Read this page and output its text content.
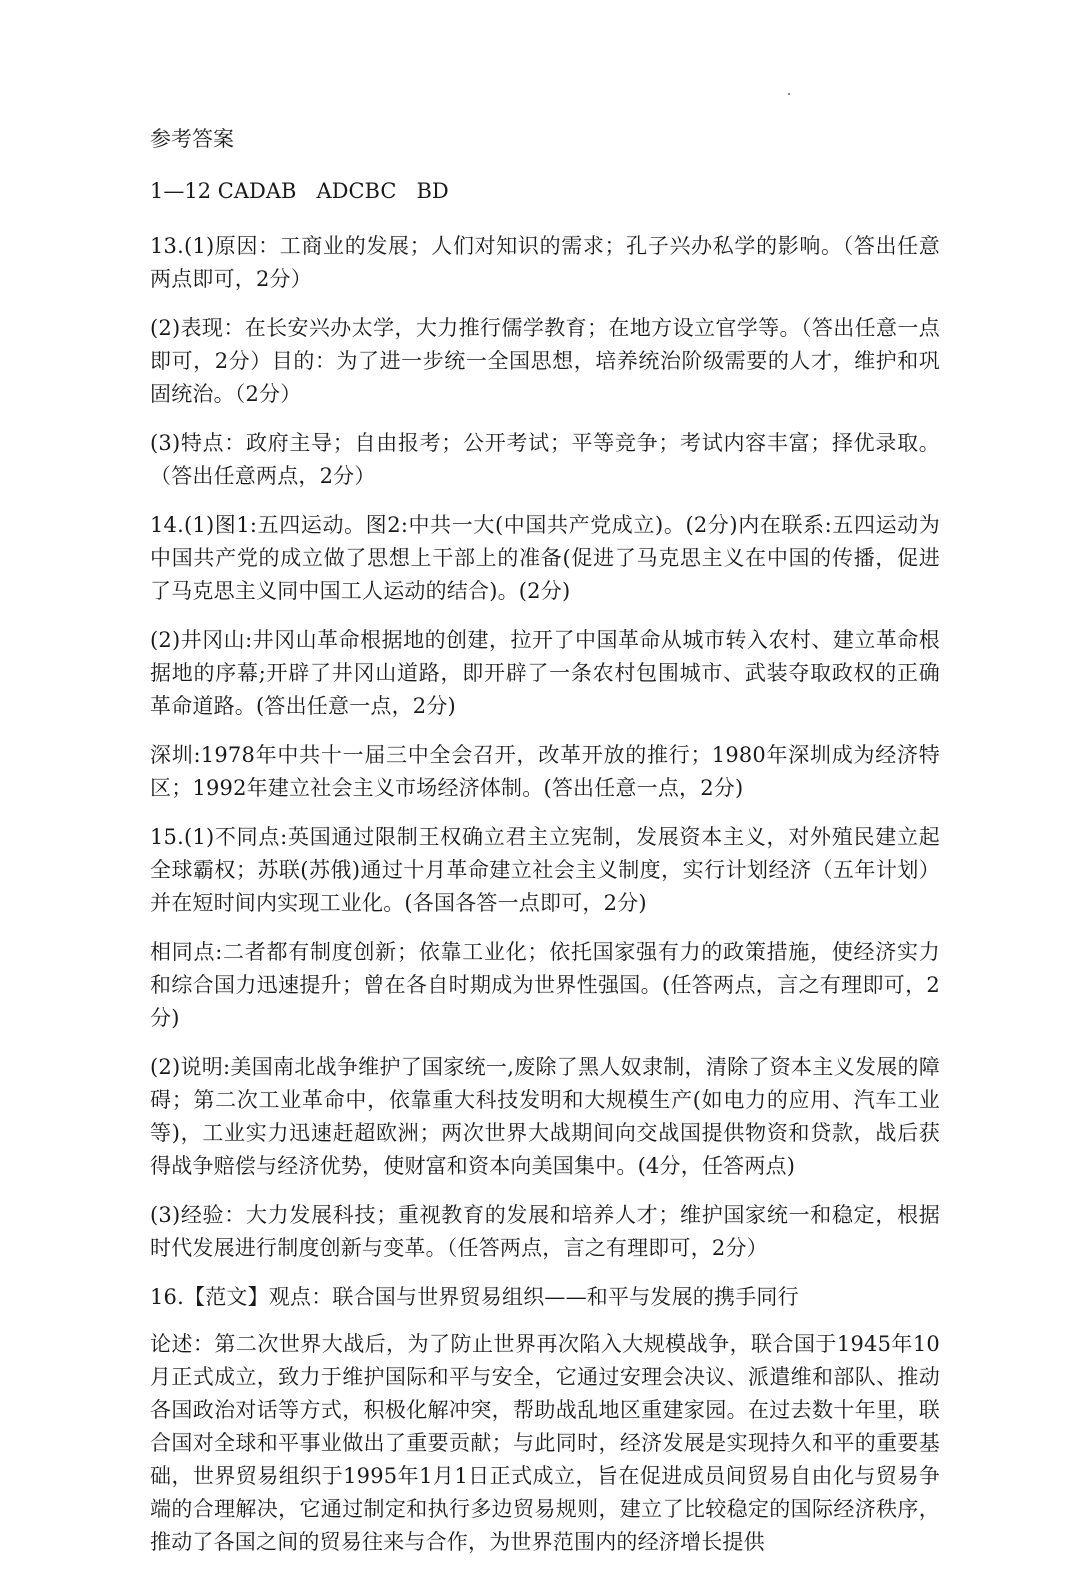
参考答案
1—12 CADAB   ADCBC   BD

13.(1)原因：工商业的发展；人们对知识的需求；孔子兴办私学的影响。（答出任意两点即可，2分）

(2)表现：在长安兴办太学，大力推行儒学教育；在地方设立官学等。（答出任意一点即可，2分）目的：为了进一步统一全国思想，培养统治阶级需要的人才，维护和巩固统治。（2分）

(3)特点：政府主导；自由报考；公开考试；平等竞争；考试内容丰富；择优录取。（答出任意两点，2分）

14.(1)图1:五四运动。图2:中共一大(中国共产党成立)。(2分)内在联系:五四运动为中国共产党的成立做了思想上干部上的准备(促进了马克思主义在中国的传播，促进了马克思主义同中国工人运动的结合)。(2分)

(2)井冈山:井冈山革命根据地的创建，拉开了中国革命从城市转入农村、建立革命根据地的序幕;开辟了井冈山道路，即开辟了一条农村包围城市、武装夺取政权的正确革命道路。(答出任意一点，2分)

深圳:1978年中共十一届三中全会召开，改革开放的推行；1980年深圳成为经济特区；1992年建立社会主义市场经济体制。(答出任意一点，2分)

15.(1)不同点:英国通过限制王权确立君主立宪制，发展资本主义，对外殖民建立起全球霸权；苏联(苏俄)通过十月革命建立社会主义制度，实行计划经济（五年计划）并在短时间内实现工业化。(各国各答一点即可，2分)

相同点:二者都有制度创新；依靠工业化；依托国家强有力的政策措施，使经济实力和综合国力迅速提升；曾在各自时期成为世界性强国。(任答两点，言之有理即可，2分)

(2)说明:美国南北战争维护了国家统一,废除了黑人奴隶制，清除了资本主义发展的障碍；第二次工业革命中，依靠重大科技发明和大规模生产(如电力的应用、汽车工业等)，工业实力迅速赶超欧洲；两次世界大战期间向交战国提供物资和贷款，战后获得战争赔偿与经济优势，使财富和资本向美国集中。(4分，任答两点)

(3)经验：大力发展科技；重视教育的发展和培养人才；维护国家统一和稳定，根据时代发展进行制度创新与变革。（任答两点，言之有理即可，2分）

16.【范文】观点：联合国与世界贸易组织——和平与发展的携手同行

论述：第二次世界大战后，为了防止世界再次陷入大规模战争，联合国于1945年10月正式成立，致力于维护国际和平与安全，它通过安理会决议、派遣维和部队、推动各国政治对话等方式，积极化解冲突，帮助战乱地区重建家园。在过去数十年里，联合国对全球和平事业做出了重要贡献；与此同时，经济发展是实现持久和平的重要基础，世界贸易组织于1995年1月1日正式成立，旨在促进成员间贸易自由化与贸易争端的合理解决，它通过制定和执行多边贸易规则，建立了比较稳定的国际经济秩序，推动了各国之间的贸易往来与合作，为世界范围内的经济增长提供
